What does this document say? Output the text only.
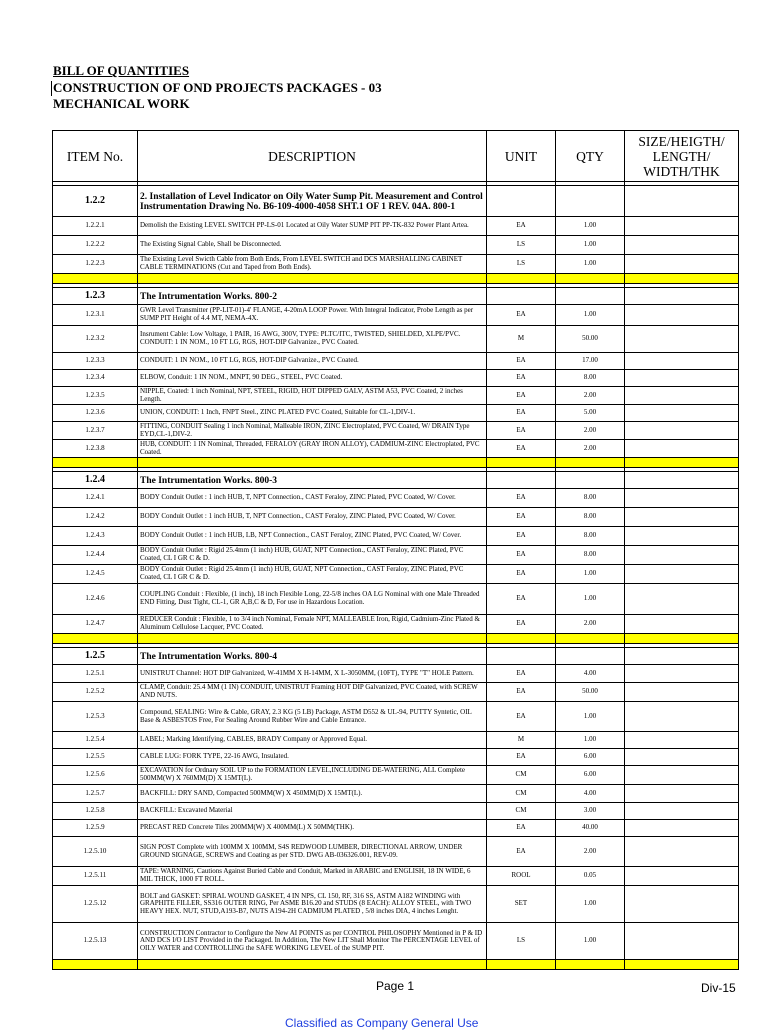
BILL OF QUANTITIES
CONSTRUCTION OF OND PROJECTS PACKAGES - 03
MECHANICAL WORK
ITEM No.	DESCRIPTION	UNIT	QTY	SIZE/HEIGTH/ LENGTH/ WIDTH/THK

1.2.2	2. Installation of Level Indicator on Oily Water Sump Pit. Measurement and Control Instrumentation Drawing No. B6-109-4000-4058 SHT.1 OF 1 REV. 04A. 800-1			
1.2.2.1	Demolish the Existing LEVEL SWITCH PP-LS-01 Located at Oily Water SUMP PIT PP-TK-832 Power Plant Artea.	EA	1.00	
1.2.2.2	The Existing Signal Cable, Shall be Disconnected.	LS	1.00	
1.2.2.3	The Existing Level Swicth Cable from Both Ends, From LEVEL SWITCH and DCS MARSHALLING CABINET CABLE TERMINATIONS (Cut and Taped from Both Ends).	LS	1.00	

1.2.3	The Intrumentation Works. 800-2			
1.2.3.1	GWR Level Transmitter (PP-LIT-01)-4' FLANGE, 4-20mA LOOP Power. With Integral Indicator, Probe Length as per SUMP PIT Height of 4.4 MT, NEMA-4X.	EA	1.00	
1.2.3.2	Insrument Cable: Low Voltage, 1 PAIR, 16 AWG, 300V, TYPE: PLTC/ITC, TWISTED, SHIELDED, XLPE/PVC. CONDUIT: 1 IN NOM., 10 FT LG, RGS, HOT-DIP Galvanize., PVC Coated.	M	50.00	
1.2.3.3	CONDUIT: 1 IN NOM., 10 FT LG, RGS, HOT-DIP Galvanize., PVC Coated.	EA	17.00	
1.2.3.4	ELBOW, Conduit: 1 IN NOM., MNPT, 90 DEG., STEEL, PVC Coated.	EA	8.00	
1.2.3.5	NIPPLE, Coated: 1 inch Nominal, NPT, STEEL, RIGID, HOT DIPPED GALV, ASTM A53, PVC Coated, 2 inches Length.	EA	2.00	
1.2.3.6	UNION, CONDUIT: 1 Inch, FNPT Steel., ZINC PLATED PVC Coated, Suitable for CL-1,DIV-1.	EA	5.00	
1.2.3.7	FITTING, CONDUIT Sealing 1 inch Nominal, Malleable IRON, ZINC Electroplated, PVC Coated, W/ DRAIN Type EYD,CL-1,DIV-2.	EA	2.00	
1.2.3.8	HUB, CONDUIT: 1 IN Nominal, Threaded, FERALOY (GRAY IRON ALLOY), CADMIUM-ZINC Electroplated, PVC Coated.	EA	2.00	

1.2.4	The Intrumentation Works. 800-3			
1.2.4.1	BODY Conduit Outlet : 1 inch HUB, T, NPT Connection., CAST Feraloy, ZINC Plated, PVC Coated, W/ Cover.	EA	8.00	
1.2.4.2	BODY Conduit Outlet : 1 inch HUB, T, NPT Connection., CAST Feraloy, ZINC Plated, PVC Coated, W/ Cover.	EA	8.00	
1.2.4.3	BODY Conduit Outlet : 1 inch HUB, LB, NPT Connection., CAST Feraloy, ZINC Plated, PVC Coated, W/ Cover.	EA	8.00	
1.2.4.4	BODY Conduit Outlet : Rigid 25.4mm (1 inch) HUB, GUAT, NPT Connection., CAST Feraloy, ZINC Plated, PVC Coated, CL I GR C & D.	EA	8.00	
1.2.4.5	BODY Conduit Outlet : Rigid 25.4mm (1 inch) HUB, GUAT, NPT Connection., CAST Feraloy, ZINC Plated, PVC Coated, CL I GR C & D.	EA	1.00	
1.2.4.6	COUPLING Conduit : Flexible, (1 inch), 18 inch Flexible Long, 22-5/8 inches OA LG Nominal with one Male Threaded END Fitting, Dust Tight, CL-1, GR A,B,C & D, For use in Hazardous Location.	EA	1.00	
1.2.4.7	REDUCER Conduit : Flexible, 1 to 3/4 inch Nominal, Female NPT, MALLEABLE Iron, Rigid, Cadmium-Zinc Plated & Aluminum Cellulose Lacquer, PVC Coated.	EA	2.00	

1.2.5	The Intrumentation Works. 800-4			
1.2.5.1	UNISTRUT Channel: HOT DIP Galvanized, W-41MM X H-14MM, X L-3050MM, (10FT), TYPE "T" HOLE Pattern.	EA	4.00	
1.2.5.2	CLAMP, Conduit: 25.4 MM (1 IN) CONDUIT, UNISTRUT Framing HOT DIP Galvanized, PVC Coated, with SCREW AND NUTS.	EA	50.00	
1.2.5.3	Compound, SEALING: Wire & Cable, GRAY, 2.3 KG (5 LB) Package, ASTM D552 & UL-94, PUTTY Syntetic, OIL Base & ASBESTOS Free, For Sealing Around Rubber Wire and Cable Entrance.	EA	1.00	
1.2.5.4	LABEL; Marking Identifying, CABLES, BRADY Company or Approved Equal.	M	1.00	
1.2.5.5	CABLE LUG: FORK TYPE, 22-16 AWG, Insulated.	EA	6.00	
1.2.5.6	EXCAVATION for Ordnary SOIL UP to the FORMATION LEVEL,INCLUDING DE-WATERING, ALL Complete 500MM(W) X 760MM(D) X 15MT(L).	CM	6.00	
1.2.5.7	BACKFILL: DRY SAND, Compacted 500MM(W) X 450MM(D) X 15MT(L).	CM	4.00	
1.2.5.8	BACKFILL: Excavated Material	CM	3.00	
1.2.5.9	PRECAST RED Concrete Tiles 200MM(W) X 400MM(L) X 50MM(THK).	EA	40.00	
1.2.5.10	SIGN POST Complete with 100MM X 100MM, S4S REDWOOD LUMBER, DIRECTIONAL ARROW, UNDER GROUND SIGNAGE, SCREWS and Coating as per STD. DWG AB-036326.001, REV-09.	EA	2.00	
1.2.5.11	TAPE: WARNING, Cautions Against Buried Cable and Conduit, Marked in ARABIC and ENGLISH, 18 IN WIDE, 6 MIL THICK, 1000 FT ROLL.	ROOL	0.05	
1.2.5.12	BOLT and GASKET: SPIRAL WOUND GASKET, 4 IN NPS, CL 150, RF, 316 SS, ASTM A182 WINDING with GRAPHITE FILLER, SS316 OUTER RING, Per ASME B16.20 and STUDS (8 EACH): ALLOY STEEL, with TWO HEAVY HEX. NUT, STUD,A193-B7, NUTS A194-2H CADMIUM PLATED , 5/8 inches DIA, 4 inches Lenght.	SET	1.00	
1.2.5.13	CONSTRUCTION Contractor to Configure the New AI POINTS as per CONTROL PHILOSOPHY Mentioned in P & ID AND DCS I/O LIST Provided in the Packaged. In Addition, The New LIT Shall Monitor The PERCENTAGE LEVEL of OILY WATER and CONTROLLING the SAFE WORKING LEVEL of the SUMP PIT.	LS	1.00	

Page 1	Div-15
Classified as Company General Use
